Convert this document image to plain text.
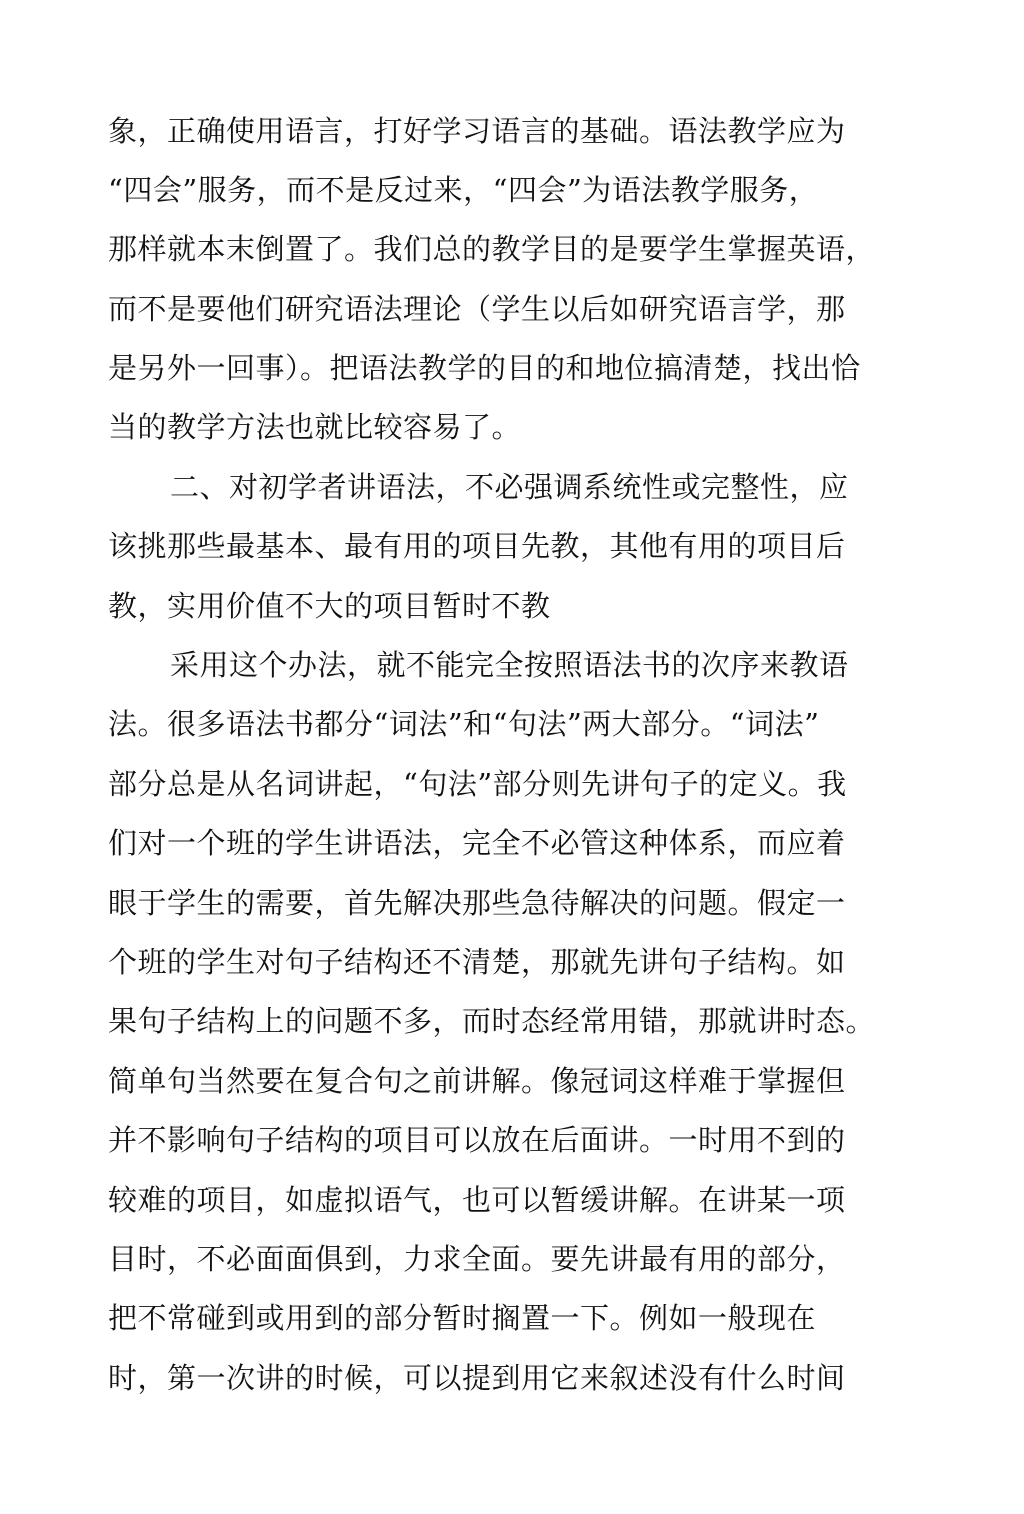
象，正确使用语言，打好学习语言的基础。语法教学应为
“四会”服务，而不是反过来，“四会”为语法教学服务，
那样就本末倒置了。我们总的教学目的是要学生掌握英语，
而不是要他们研究语法理论（学生以后如研究语言学，那
是另外一回事）。把语法教学的目的和地位搞清楚，找出恰
当的教学方法也就比较容易了。
二、对初学者讲语法，不必强调系统性或完整性，应
该挑那些最基本、最有用的项目先教，其他有用的项目后
教，实用价值不大的项目暂时不教
采用这个办法，就不能完全按照语法书的次序来教语
法。很多语法书都分“词法”和“句法”两大部分。“词法”
部分总是从名词讲起，“句法”部分则先讲句子的定义。我
们对一个班的学生讲语法，完全不必管这种体系，而应着
眼于学生的需要，首先解决那些急待解决的问题。假定一
个班的学生对句子结构还不清楚，那就先讲句子结构。如
果句子结构上的问题不多，而时态经常用错，那就讲时态。
简单句当然要在复合句之前讲解。像冠词这样难于掌握但
并不影响句子结构的项目可以放在后面讲。一时用不到的
较难的项目，如虚拟语气，也可以暂缓讲解。在讲某一项
目时，不必面面俱到，力求全面。要先讲最有用的部分，
把不常碰到或用到的部分暂时搁置一下。例如一般现在
时，第一次讲的时候，可以提到用它来叙述没有什么时间
